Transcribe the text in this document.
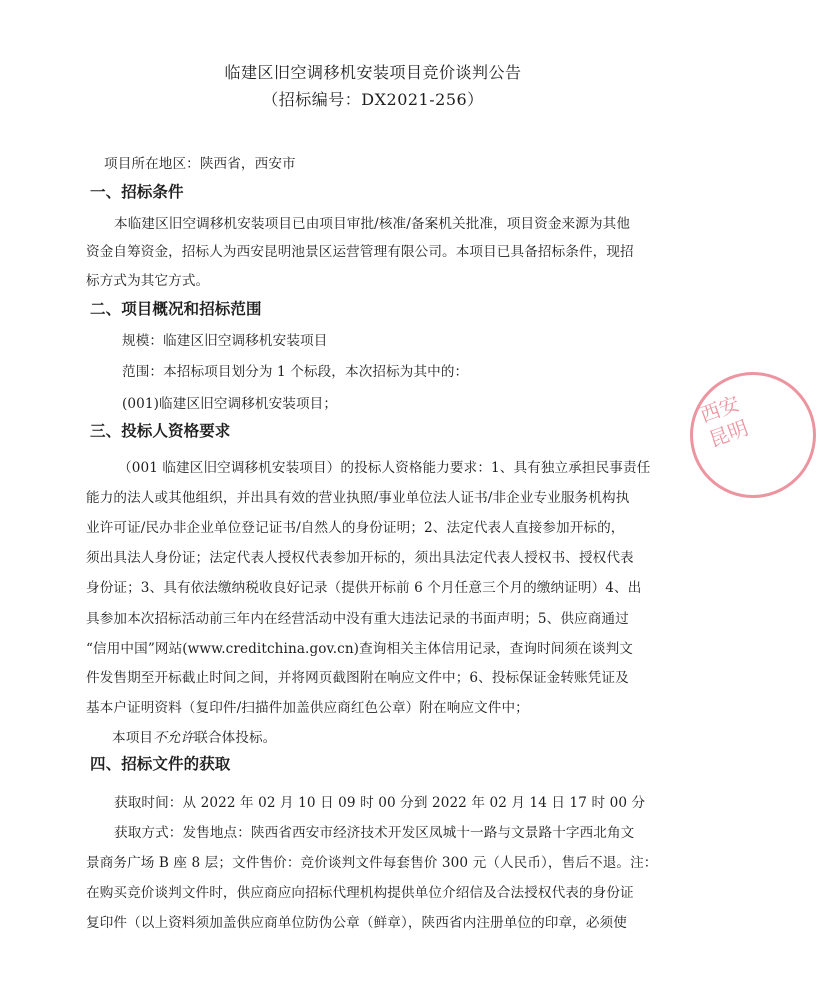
临建区旧空调移机安装项目竞价谈判公告
（招标编号：DX2021-256）
项目所在地区：陕西省，西安市
一、招标条件
本临建区旧空调移机安装项目已由项目审批/核准/备案机关批准，项目资金来源为其他
资金自筹资金，招标人为西安昆明池景区运营管理有限公司。本项目已具备招标条件，现招
标方式为其它方式。
二、项目概况和招标范围
规模：临建区旧空调移机安装项目
范围：本招标项目划分为 1 个标段，本次招标为其中的：
(001)临建区旧空调移机安装项目；
三、投标人资格要求
（001 临建区旧空调移机安装项目）的投标人资格能力要求：1、具有独立承担民事责任
能力的法人或其他组织，并出具有效的营业执照/事业单位法人证书/非企业专业服务机构执
业许可证/民办非企业单位登记证书/自然人的身份证明；2、法定代表人直接参加开标的，
须出具法人身份证；法定代表人授权代表参加开标的，须出具法定代表人授权书、授权代表
身份证；3、具有依法缴纳税收良好记录（提供开标前 6 个月任意三个月的缴纳证明）4、出
具参加本次招标活动前三年内在经营活动中没有重大违法记录的书面声明；5、供应商通过
“信用中国”网站(www.creditchina.gov.cn)查询相关主体信用记录，查询时间须在谈判文
件发售期至开标截止时间之间，并将网页截图附在响应文件中；6、投标保证金转账凭证及
基本户证明资料（复印件/扫描件加盖供应商红色公章）附在响应文件中；
本项目不允许联合体投标。
四、招标文件的获取
获取时间：从 2022 年 02 月 10 日 09 时 00 分到 2022 年 02 月 14 日 17 时 00 分
获取方式：发售地点：陕西省西安市经济技术开发区凤城十一路与文景路十字西北角文
景商务广场 B 座 8 层；文件售价：竞价谈判文件每套售价 300 元（人民币），售后不退。注：
在购买竞价谈判文件时，供应商应向招标代理机构提供单位介绍信及合法授权代表的身份证
复印件（以上资料须加盖供应商单位防伪公章（鲜章），陕西省内注册单位的印章，必须使
西安昆明
